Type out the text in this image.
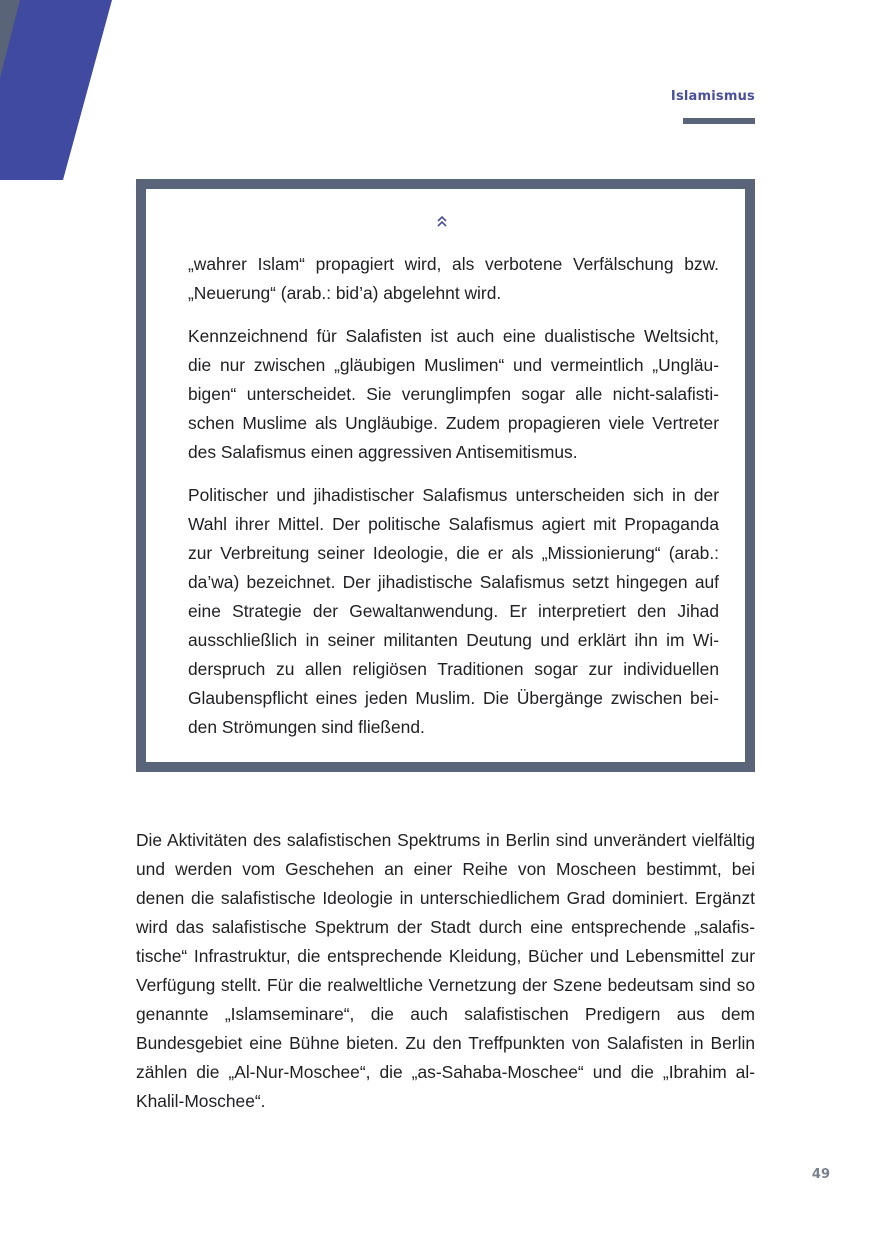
Islamismus

„wahrer Islam“ propagiert wird, als verbotene Verfälschung bzw. „Neuerung“ (arab.: bid’a) abgelehnt wird.

Kennzeichnend für Salafisten ist auch eine dualistische Weltsicht, die nur zwischen „gläubigen Muslimen“ und vermeintlich „Ungläubigen“ unterscheidet. Sie verunglimpfen sogar alle nicht-salafistischen Muslime als Ungläubige. Zudem propagieren viele Vertreter des Salafismus einen aggressiven Antisemitismus.

Politischer und jihadistischer Salafismus unterscheiden sich in der Wahl ihrer Mittel. Der politische Salafismus agiert mit Propaganda zur Verbreitung seiner Ideologie, die er als „Missionierung“ (arab.: da’wa) bezeichnet. Der jihadistische Salafismus setzt hingegen auf eine Strategie der Gewaltanwendung. Er interpretiert den Jihad ausschließlich in seiner militanten Deutung und erklärt ihn im Widerspruch zu allen religiösen Traditionen sogar zur individuellen Glaubenspflicht eines jeden Muslim. Die Übergänge zwischen beiden Strömungen sind fließend.

Die Aktivitäten des salafistischen Spektrums in Berlin sind unverändert vielfältig und werden vom Geschehen an einer Reihe von Moscheen bestimmt, bei denen die salafistische Ideologie in unterschiedlichem Grad dominiert. Ergänzt wird das salafistische Spektrum der Stadt durch eine entsprechende „salafistische“ Infrastruktur, die entsprechende Kleidung, Bücher und Lebensmittel zur Verfügung stellt. Für die realweltliche Vernetzung der Szene bedeutsam sind so genannte „Islamseminare“, die auch salafistischen Predigern aus dem Bundesgebiet eine Bühne bieten. Zu den Treffpunkten von Salafisten in Berlin zählen die „Al-Nur-Moschee“, die „as-Sahaba-Moschee“ und die „Ibrahim al-Khalil-Moschee“.

49
